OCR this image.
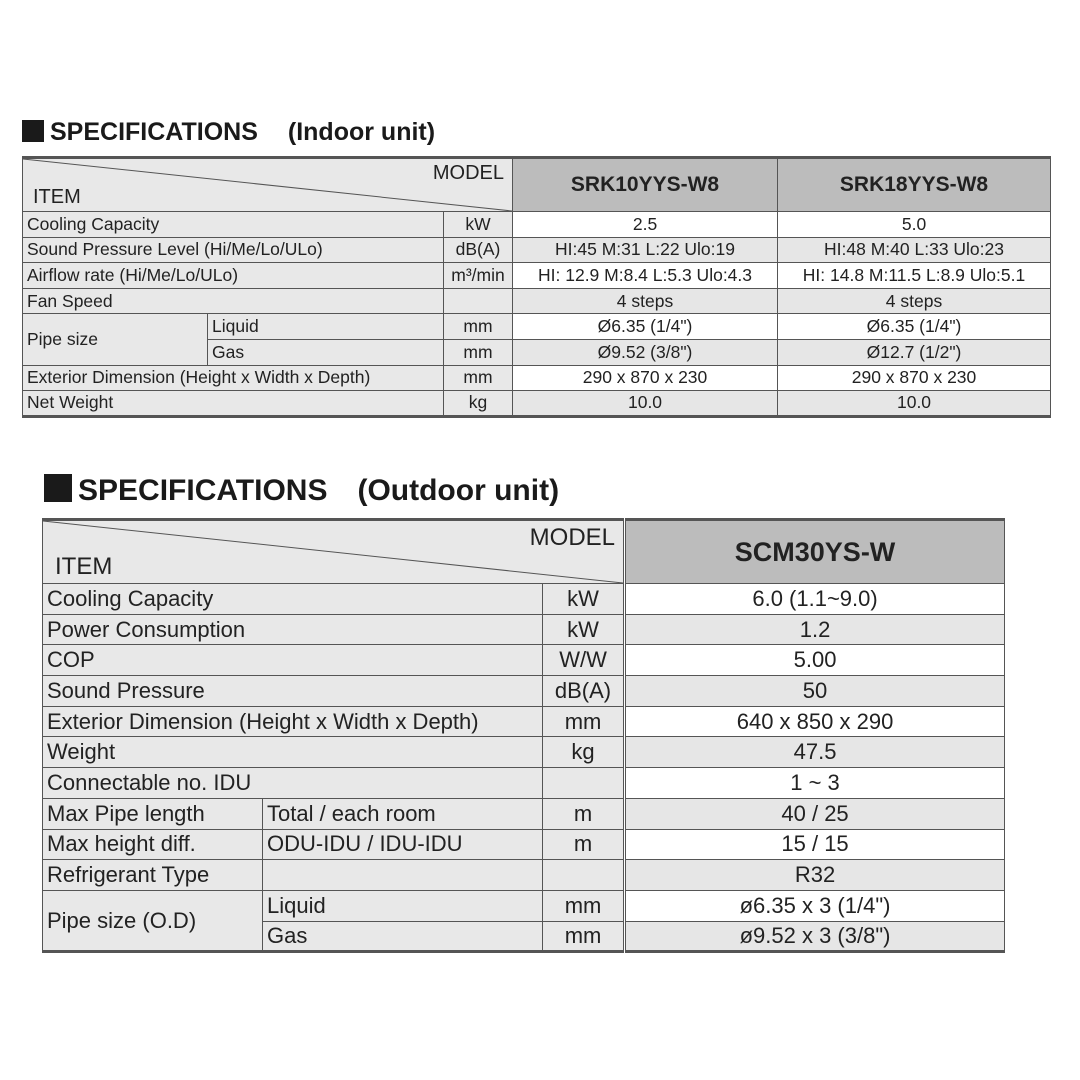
SPECIFICATIONS (Indoor unit)
ITEM
MODEL			SRK10YYS-W8	SRK18YYS-W8
Cooling Capacity		kW	2.5	5.0
Sound Pressure Level (Hi/Me/Lo/ULo)		dB(A)	HI:45 M:31 L:22 Ulo:19	HI:48 M:40 L:33 Ulo:23
Airflow rate (Hi/Me/Lo/ULo)		m³/min	HI: 12.9 M:8.4 L:5.3 Ulo:4.3	HI: 14.8 M:11.5 L:8.9 Ulo:5.1
Fan Speed			4 steps	4 steps
Pipe size	Liquid	mm	Ø6.35 (1/4")	Ø6.35 (1/4")
	Gas	mm	Ø9.52 (3/8")	Ø12.7 (1/2")
Exterior Dimension (Height x Width x Depth)		mm	290 x 870 x 230	290 x 870 x 230
Net Weight		kg	10.0	10.0
SPECIFICATIONS (Outdoor unit)
ITEM
MODEL			SCM30YS-W
Cooling Capacity		kW	6.0 (1.1~9.0)
Power Consumption		kW	1.2
COP		W/W	5.00
Sound Pressure		dB(A)	50
Exterior Dimension (Height x Width x Depth)		mm	640 x 850 x 290
Weight		kg	47.5
Connectable no. IDU			1 ~ 3
Max Pipe length	Total / each room	m	40 / 25
Max height diff.	ODU-IDU / IDU-IDU	m	15 / 15
Refrigerant Type			R32
Pipe size (O.D)	Liquid	mm	ø6.35 x 3 (1/4")
	Gas	mm	ø9.52 x 3 (3/8")
